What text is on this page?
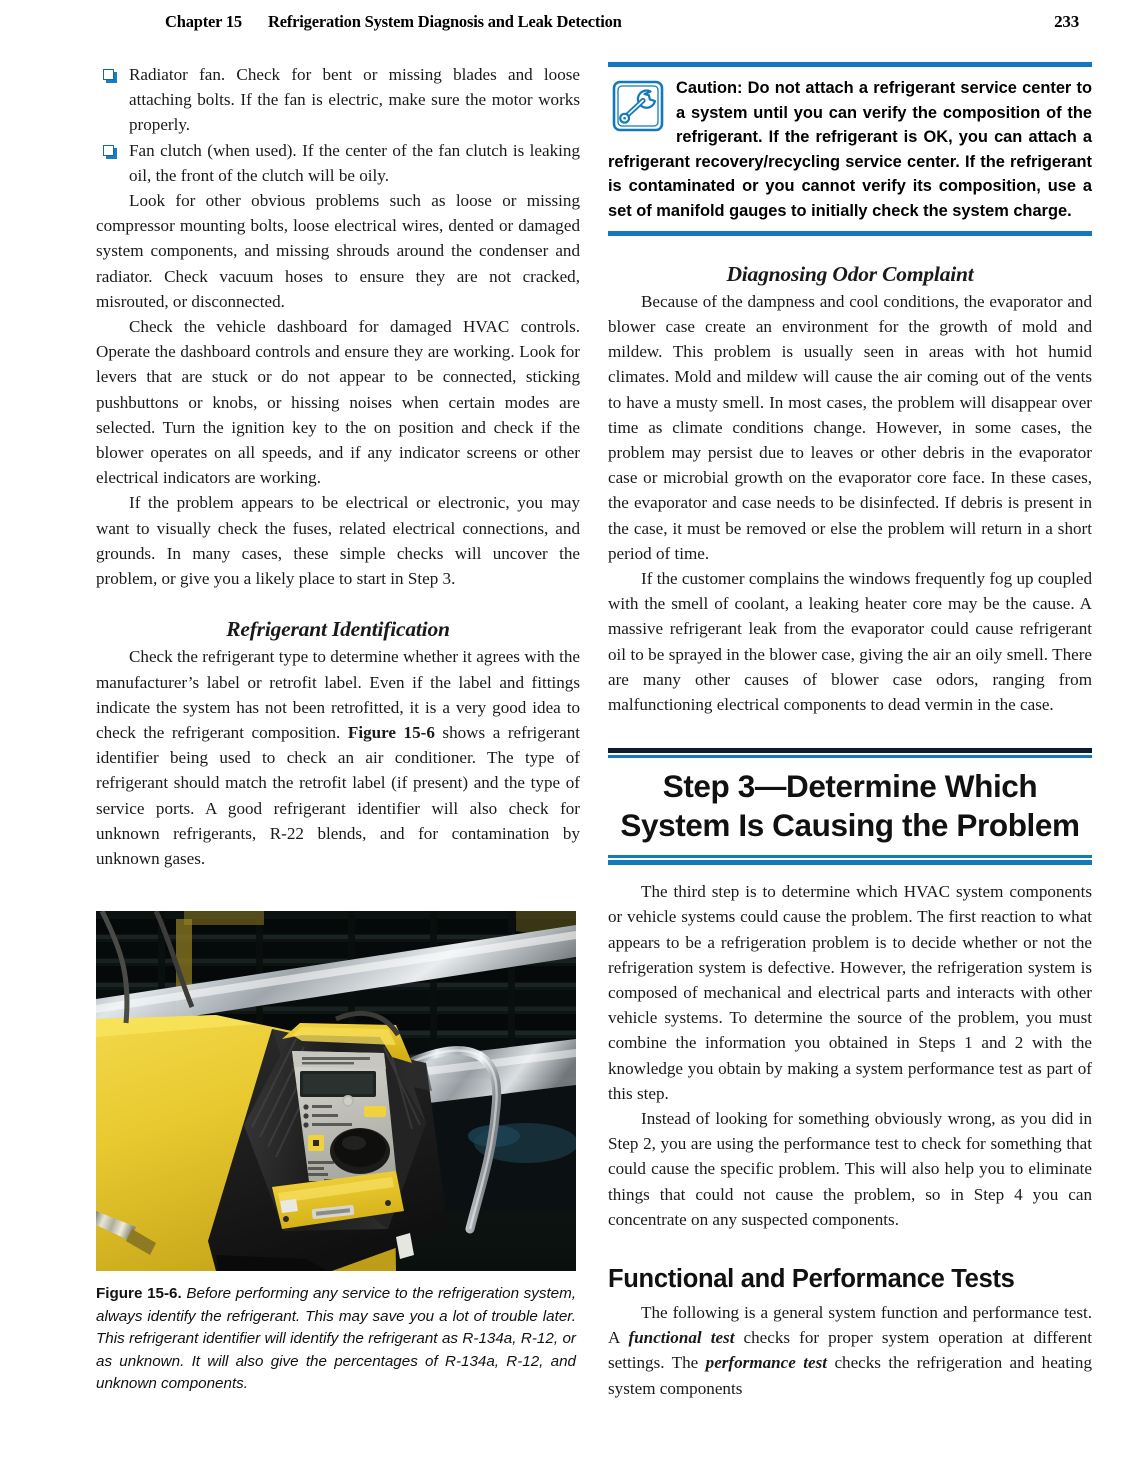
Chapter 15 Refrigeration System Diagnosis and Leak Detection	233
Radiator fan. Check for bent or missing blades and loose attaching bolts. If the fan is electric, make sure the motor works properly.
Fan clutch (when used). If the center of the fan clutch is leaking oil, the front of the clutch will be oily.

Look for other obvious problems such as loose or missing compressor mounting bolts, loose electrical wires, dented or damaged system components, and missing shrouds around the condenser and radiator. Check vacuum hoses to ensure they are not cracked, misrouted, or disconnected.

Check the vehicle dashboard for damaged HVAC controls. Operate the dashboard controls and ensure they are working. Look for levers that are stuck or do not appear to be connected, sticking pushbuttons or knobs, or hissing noises when certain modes are selected. Turn the ignition key to the on position and check if the blower operates on all speeds, and if any indicator screens or other electrical indicators are working.

If the problem appears to be electrical or electronic, you may want to visually check the fuses, related electrical connections, and grounds. In many cases, these simple checks will uncover the problem, or give you a likely place to start in Step 3.

Refrigerant Identification

Check the refrigerant type to determine whether it agrees with the manufacturer’s label or retrofit label. Even if the label and fittings indicate the system has not been retrofitted, it is a very good idea to check the refrigerant composition. Figure 15-6 shows a refrigerant identifier being used to check an air conditioner. The type of refrigerant should match the retrofit label (if present) and the type of service ports. A good refrigerant identifier will also check for unknown refrigerants, R-22 blends, and for contamination by unknown gases.

Figure 15-6. Before performing any service to the refrigeration system, always identify the refrigerant. This may save you a lot of trouble later. This refrigerant identifier will identify the refrigerant as R-134a, R-12, or as unknown. It will also give the percentages of R-134a, R-12, and unknown components.
Caution: Do not attach a refrigerant service center to a system until you can verify the composition of the refrigerant. If the refrigerant is OK, you can attach a refrigerant recovery/recycling service center. If the refrigerant is contaminated or you cannot verify its composition, use a set of manifold gauges to initially check the system charge.
Diagnosing Odor Complaint

Because of the dampness and cool conditions, the evaporator and blower case create an environment for the growth of mold and mildew. This problem is usually seen in areas with hot humid climates. Mold and mildew will cause the air coming out of the vents to have a musty smell. In most cases, the problem will disappear over time as climate conditions change. However, in some cases, the problem may persist due to leaves or other debris in the evaporator case or microbial growth on the evaporator core face. In these cases, the evaporator and case needs to be disinfected. If debris is present in the case, it must be removed or else the problem will return in a short period of time.

If the customer complains the windows frequently fog up coupled with the smell of coolant, a leaking heater core may be the cause. A massive refrigerant leak from the evaporator could cause refrigerant oil to be sprayed in the blower case, giving the air an oily smell. There are many other causes of blower case odors, ranging from malfunctioning electrical components to dead vermin in the case.

Step 3—Determine Which System Is Causing the Problem

The third step is to determine which HVAC system components or vehicle systems could cause the problem. The first reaction to what appears to be a refrigeration problem is to decide whether or not the refrigeration system is defective. However, the refrigeration system is composed of mechanical and electrical parts and interacts with other vehicle systems. To determine the source of the problem, you must combine the information you obtained in Steps 1 and 2 with the knowledge you obtain by making a system performance test as part of this step.

Instead of looking for something obviously wrong, as you did in Step 2, you are using the performance test to check for something that could cause the specific problem. This will also help you to eliminate things that could not cause the problem, so in Step 4 you can concentrate on any suspected components.

Functional and Performance Tests

The following is a general system function and performance test. A functional test checks for proper system operation at different settings. The performance test checks the refrigeration and heating system components
